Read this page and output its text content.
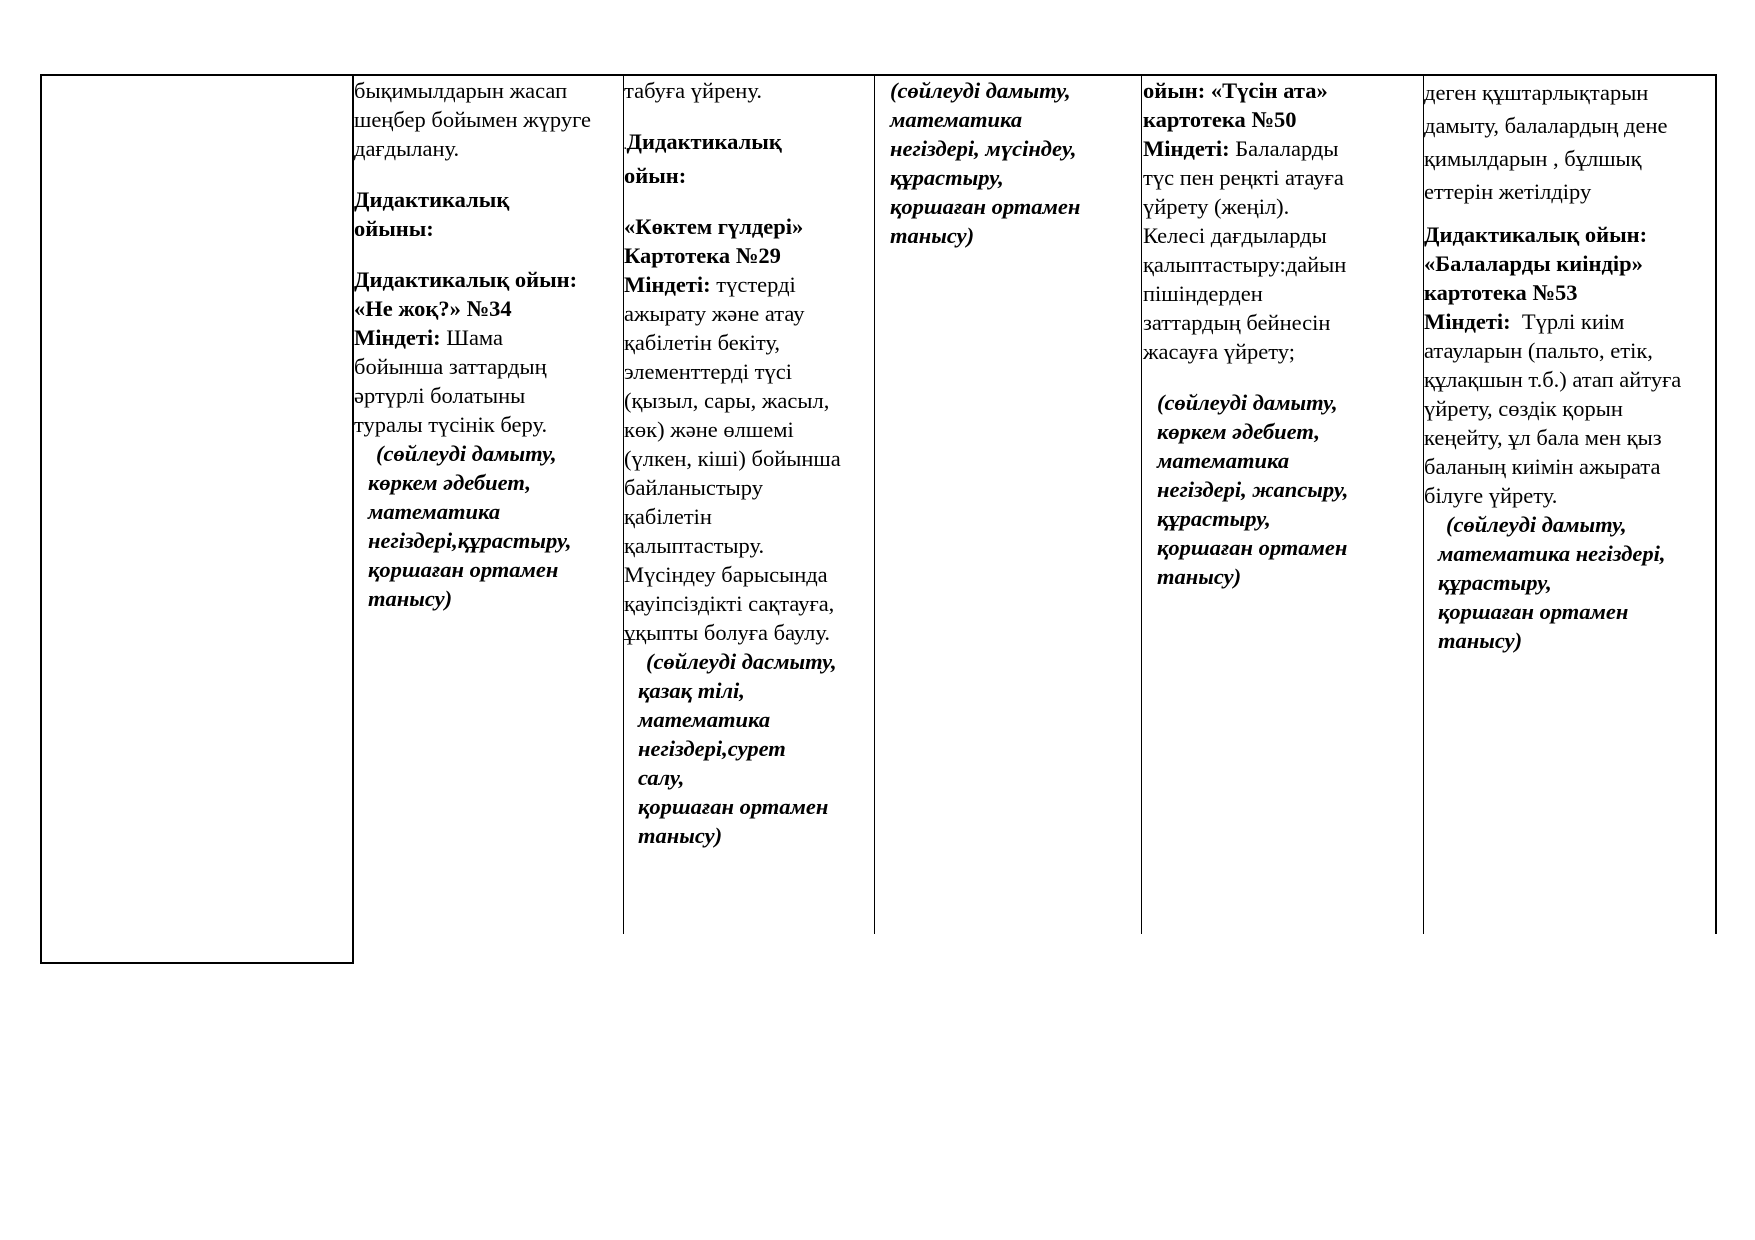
бықимылдарын жасап

шеңбер бойымен жүруге

дағдылану.

Дидактикалық

ойыны:

Дидактикалық ойын:

«Не жоқ?» №34

Міндеті: Шама

бойынша заттардың

әртүрлі болатыны

туралы түсінік беру.

(сөйлеуді дамыту,

көркем әдебиет,

математика

негіздері,құрастыру,

қоршаған ортамен

танысу)

табуға үйрену.

.Дидактикалық

ойын:

«Көктем гүлдері»

Картотека №29

Міндеті: түстерді

ажырату және атау

қабілетін бекіту,

элементтерді түсі

(қызыл, сары, жасыл,

көк) және өлшемі

(үлкен, кіші) бойынша

байланыстыру

қабілетін

қалыптастыру.

Мүсіндеу барысында

қауіпсіздікті сақтауға,

ұқыпты болуға баулу.

(сөйлеуді дасмыту,

қазақ тілі,

математика

негіздері,сурет

салу,

қоршаған ортамен

танысу)

(сөйлеуді дамыту,

математика

негіздері, мүсіндеу,

құрастыру,

қоршаған ортамен

танысу)

ойын: «Түсін ата»

картотека №50

Міндеті: Балаларды

түс пен реңкті атауға

үйрету (жеңіл).

Келесі дағдыларды

қалыптастыру:дайын

пішіндерден

заттардың бейнесін

жасауға үйрету;

(сөйлеуді дамыту,

көркем әдебиет,

математика

негіздері, жапсыру,

құрастыру,

қоршаған ортамен

танысу)

деген құштарлықтарын

дамыту, балалардың дене

қимылдарын , бұлшық

еттерін жетілдіру

Дидактикалық ойын:

«Балаларды киіндір»

картотека №53

Міндеті:  Түрлі киім

атауларын (пальто, етік,

құлақшын т.б.) атап айтуға

үйрету, сөздік қорын

кеңейту, ұл бала мен қыз

баланың киімін ажырата

білуге үйрету.

(сөйлеуді дамыту,

математика негіздері,

құрастыру,

қоршаған ортамен

танысу)
